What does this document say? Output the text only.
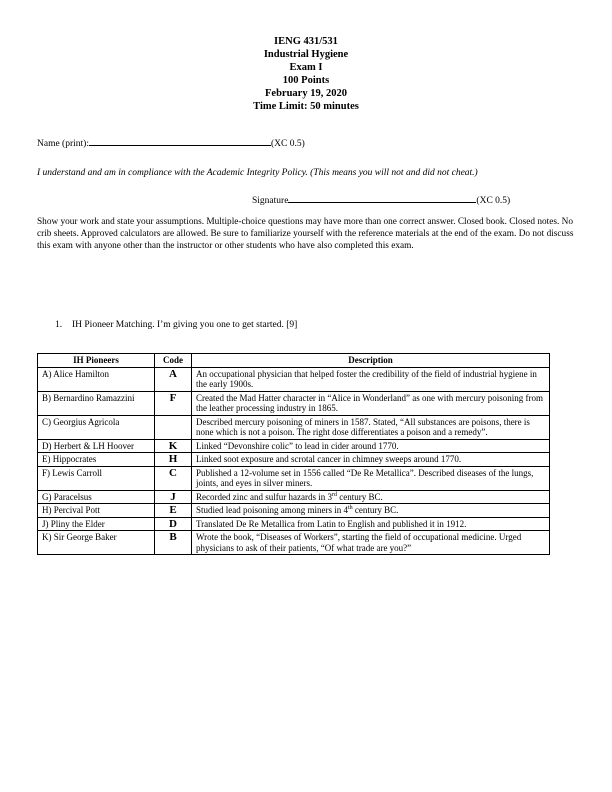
IENG 431/531
Industrial Hygiene
Exam I
100 Points
February 19, 2020
Time Limit: 50 minutes
Name (print):	(XC 0.5)
I understand and am in compliance with the Academic Integrity Policy. (This means you will not and did not cheat.)
Signature	(XC 0.5)
Show your work and state your assumptions. Multiple-choice questions may have more than one correct answer. Closed book. Closed notes. No crib sheets. Approved calculators are allowed. Be sure to familiarize yourself with the reference materials at the end of the exam. Do not discuss this exam with anyone other than the instructor or other students who have also completed this exam.
1. IH Pioneer Matching. I’m giving you one to get started. [9]
IH Pioneers	Code	Description
A) Alice Hamilton	A	An occupational physician that helped foster the credibility of the field of industrial hygiene in the early 1900s.
B) Bernardino Ramazzini	F	Created the Mad Hatter character in “Alice in Wonderland” as one with mercury poisoning from the leather processing industry in 1865.
C) Georgius Agricola		Described mercury poisoning of miners in 1587. Stated, “All substances are poisons, there is none which is not a poison. The right dose differentiates a poison and a remedy”.
D) Herbert & LH Hoover	K	Linked “Devonshire colic” to lead in cider around 1770.
E) Hippocrates	H	Linked soot exposure and scrotal cancer in chimney sweeps around 1770.
F) Lewis Carroll	C	Published a 12-volume set in 1556 called “De Re Metallica”. Described diseases of the lungs, joints, and eyes in silver miners.
G) Paracelsus	J	Recorded zinc and sulfur hazards in 3rd century BC.
H) Percival Pott	E	Studied lead poisoning among miners in 4th century BC.
J) Pliny the Elder	D	Translated De Re Metallica from Latin to English and published it in 1912.
K) Sir George Baker	B	Wrote the book, “Diseases of Workers”, starting the field of occupational medicine. Urged physicians to ask of their patients, “Of what trade are you?”
